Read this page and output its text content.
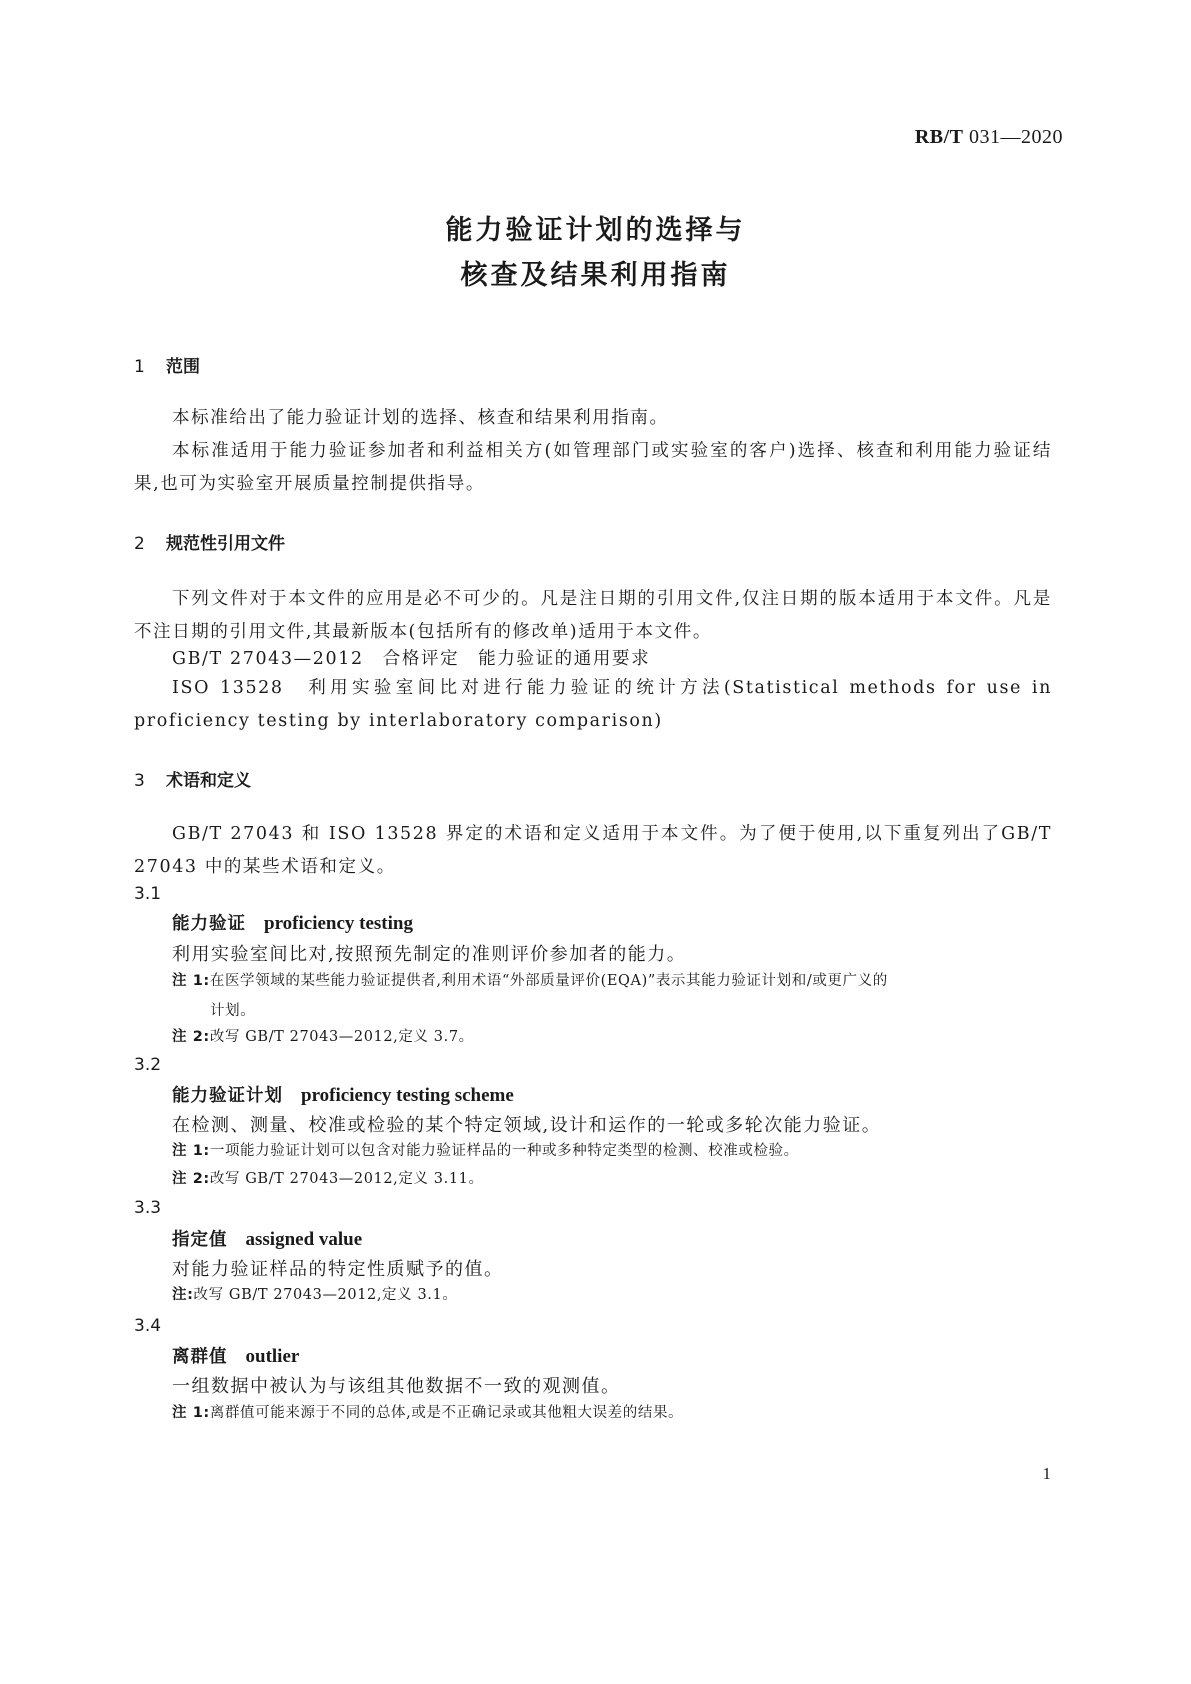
RB/T 031—2020
能力验证计划的选择与
核查及结果利用指南
1 范围
本标准给出了能力验证计划的选择、核查和结果利用指南。
本标准适用于能力验证参加者和利益相关方(如管理部门或实验室的客户)选择、核查和利用能力验证结果,也可为实验室开展质量控制提供指导。
2 规范性引用文件
下列文件对于本文件的应用是必不可少的。凡是注日期的引用文件,仅注日期的版本适用于本文件。凡是不注日期的引用文件,其最新版本(包括所有的修改单)适用于本文件。
GB/T 27043—2012　合格评定　能力验证的通用要求
ISO 13528　利用实验室间比对进行能力验证的统计方法(Statistical methods for use in proficiency testing by interlaboratory comparison)
3 术语和定义
GB/T 27043 和 ISO 13528 界定的术语和定义适用于本文件。为了便于使用,以下重复列出了GB/T 27043 中的某些术语和定义。
3.1
能力验证 proficiency testing
利用实验室间比对,按照预先制定的准则评价参加者的能力。
注 1:在医学领域的某些能力验证提供者,利用术语“外部质量评价(EQA)”表示其能力验证计划和/或更广义的
计划。
注 2:改写 GB/T 27043—2012,定义 3.7。
3.2
能力验证计划 proficiency testing scheme
在检测、测量、校准或检验的某个特定领域,设计和运作的一轮或多轮次能力验证。
注 1:一项能力验证计划可以包含对能力验证样品的一种或多种特定类型的检测、校准或检验。
注 2:改写 GB/T 27043—2012,定义 3.11。
3.3
指定值 assigned value
对能力验证样品的特定性质赋予的值。
注:改写 GB/T 27043—2012,定义 3.1。
3.4
离群值 outlier
一组数据中被认为与该组其他数据不一致的观测值。
注 1:离群值可能来源于不同的总体,或是不正确记录或其他粗大误差的结果。
1
